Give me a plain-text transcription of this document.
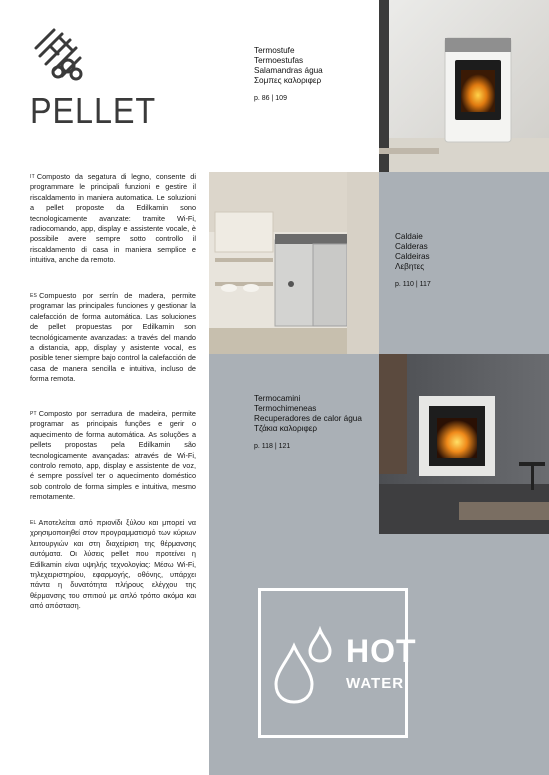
PELLET
IT Composto da segatura di legno, consente di programmare le principali funzioni e gestire il riscaldamento in maniera automatica. Le soluzioni a pellet proposte da Edilkamin sono tecnologicamente avanzate: tramite Wi-Fi, radiocomando, app, display e assistente vocale, è possibile avere sempre sotto controllo il riscaldamento di casa in maniera semplice e intuitiva, anche da remoto.
ES Compuesto por serrín de madera, permite programar las principales funciones y gestionar la calefacción de forma automática. Las soluciones de pellet propuestas por Edilkamin son tecnológicamente avanzadas: a través del mando a distancia, app, display y asistente vocal, es posible tener siempre bajo control la calefacción de casa de manera sencilla e intuitiva, incluso de forma remota.
PT Composto por serradura de madeira, permite programar as principais funções e gerir o aquecimento de forma automática. As soluções a pellets propostas pela Edilkamin são tecnologicamente avançadas: através de Wi-Fi, controlo remoto, app, display e assistente de voz, é sempre possível ter o aquecimento doméstico sob controlo de forma simples e intuitiva, mesmo remotamente.
EL Αποτελείται από πριονίδι ξύλου και μπορεί να χρησιμοποιηθεί στον προγραμματισμό των κύριων λειτουργιών και στη διαχείριση της θέρμανσης αυτόματα. Οι λύσεις pellet που προτείνει η Edilkamin είναι υψηλής τεχνολογίας: Μέσω Wi-Fi, τηλεχειριστηρίου, εφαρμογής, οθόνης, υπάρχει πάντα η δυνατότητα πλήρους ελέγχου της θέρμανσης του σπιτιού με απλό τρόπο ακόμα και από απόσταση.
Termostufe
Termoestufas
Salamandras água
Σομπες καλοριφερ
p. 86 | 109
Caldaie
Calderas
Caldeiras
Λεβητες
p. 110 | 117
Termocamini
Termochimeneas
Recuperadores de calor água
Τζάκια καλοριφερ
p. 118 | 121
HOT
WATER
